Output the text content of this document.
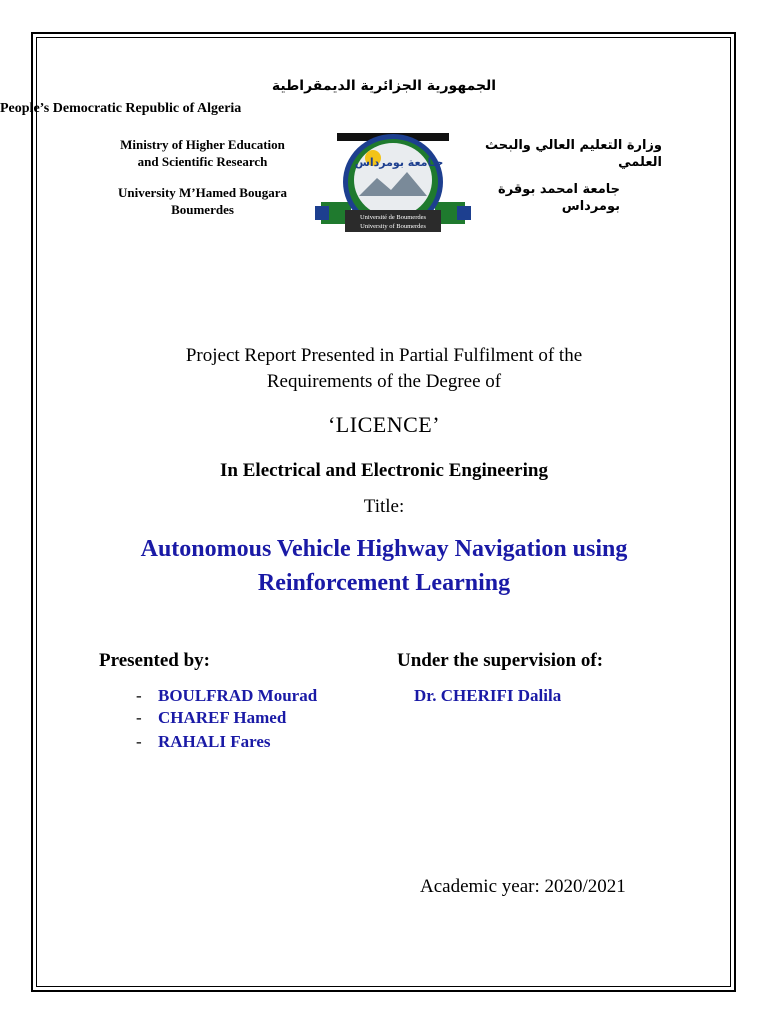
الجمهورية الجزائرية الديمقراطية
People’s Democratic Republic of Algeria
Ministry of Higher Education
and Scientific Research
University M’Hamed Bougara
Boumerdes
وزارة التعليم العالي والبحث العلمي
جامعة امحمد بوقرة
بومرداس
جـامعة بومرداس
Université de Boumerdes
University of Boumerdes
Project Report Presented in Partial Fulfilment of the
Requirements of the Degree of
‘LICENCE’
In Electrical and Electronic Engineering
Title:
Autonomous Vehicle Highway Navigation using
Reinforcement Learning
Presented by:	Under the supervision of:
- BOULFRAD Mourad
- CHAREF Hamed
- RAHALI Fares
Dr. CHERIFI Dalila
Academic year: 2020/2021
